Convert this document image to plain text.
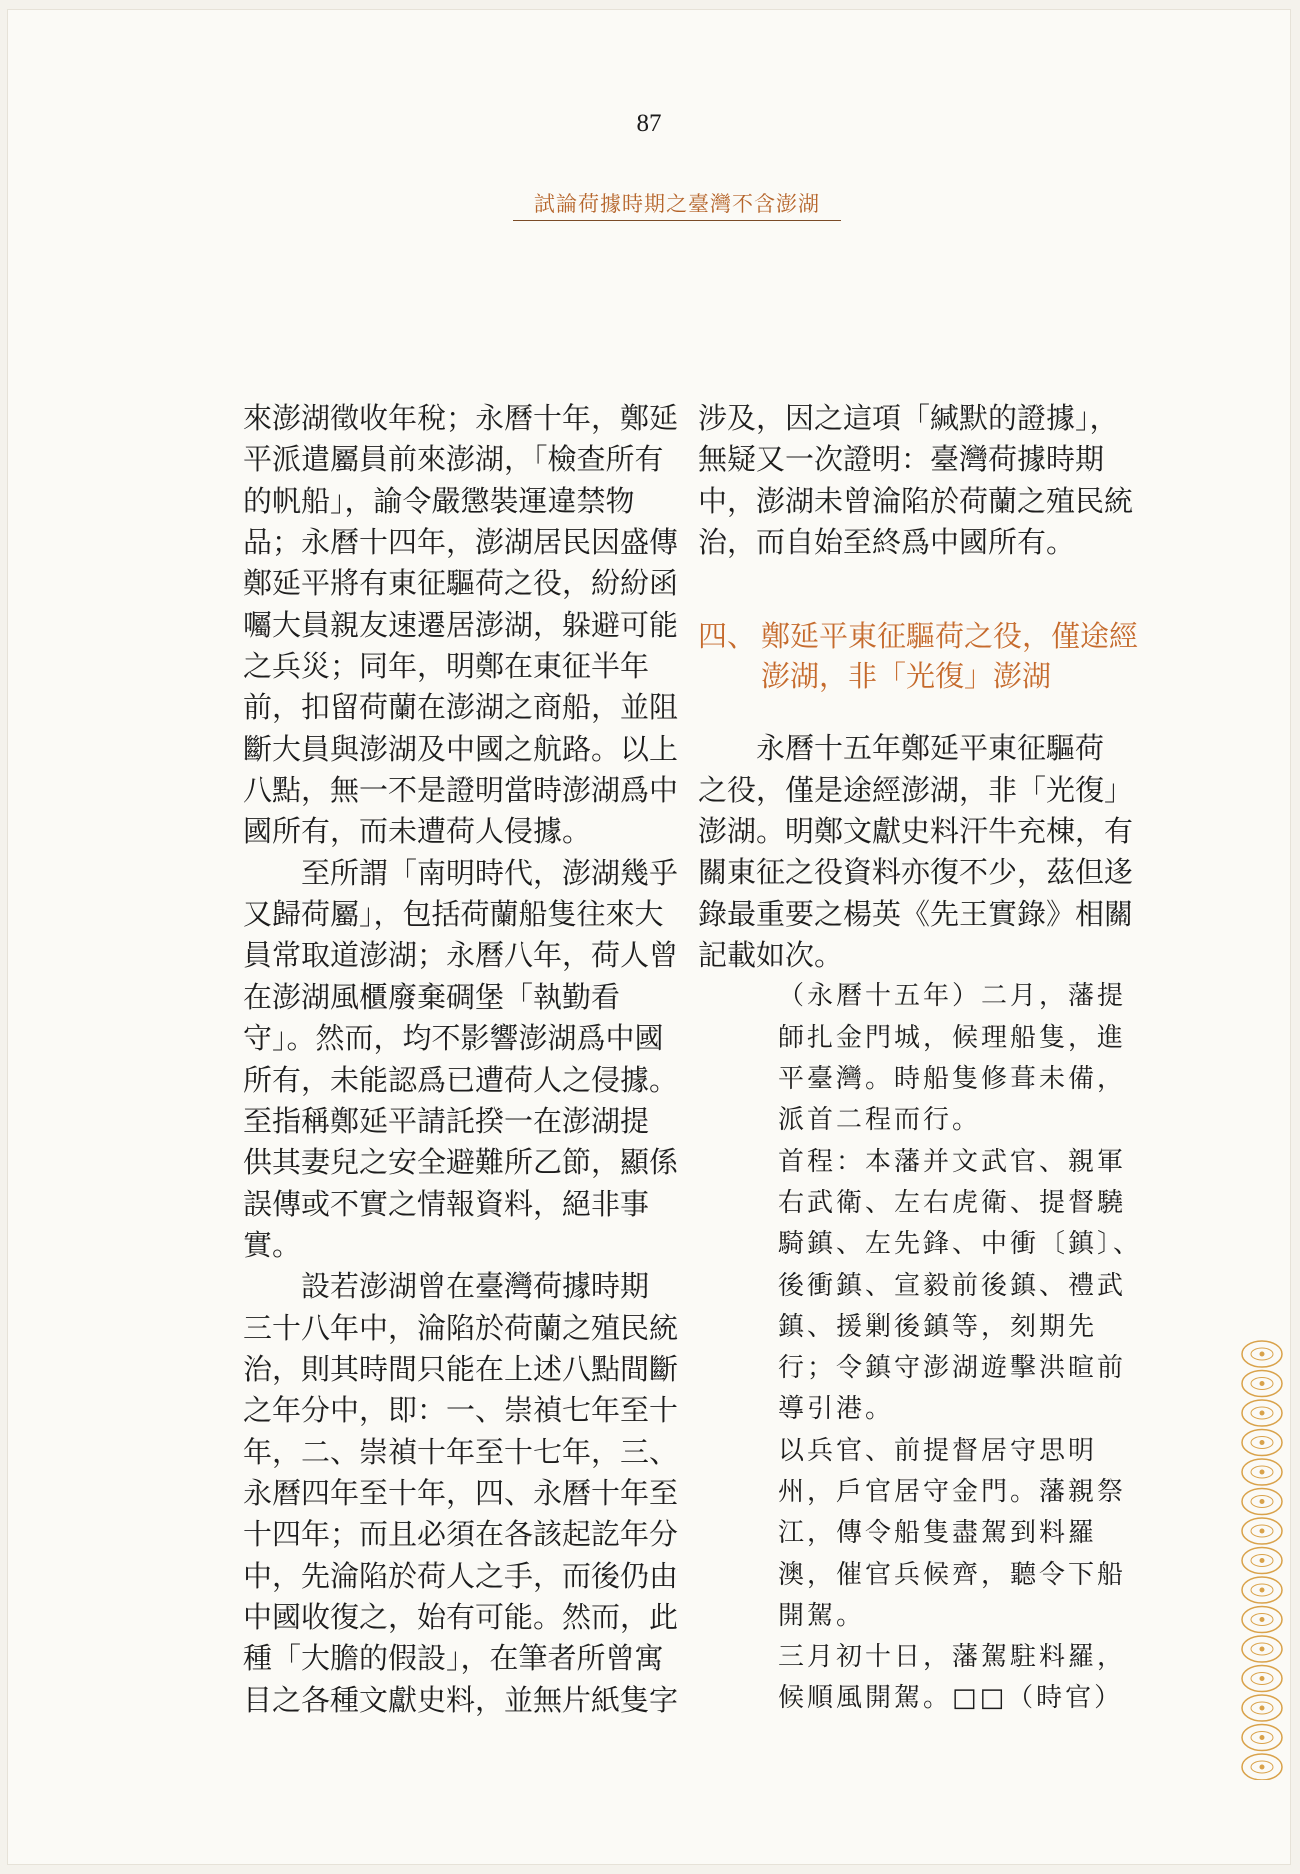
87
試論荷據時期之臺灣不含澎湖

來澎湖徵收年稅；永曆十年，鄭延
平派遣屬員前來澎湖，「檢查所有
的帆船」，諭令嚴懲裝運違禁物
品；永曆十四年，澎湖居民因盛傳
鄭延平將有東征驅荷之役，紛紛函
囑大員親友速遷居澎湖，躲避可能
之兵災；同年，明鄭在東征半年
前，扣留荷蘭在澎湖之商船，並阻
斷大員與澎湖及中國之航路。以上
八點，無一不是證明當時澎湖爲中
國所有，而未遭荷人侵據。

　　至所謂「南明時代，澎湖幾乎
又歸荷屬」，包括荷蘭船隻往來大
員常取道澎湖；永曆八年，荷人曾
在澎湖風櫃廢棄碉堡「執勤看
守」。然而，均不影響澎湖爲中國
所有，未能認爲已遭荷人之侵據。
至指稱鄭延平請託揆一在澎湖提
供其妻兒之安全避難所乙節，顯係
誤傳或不實之情報資料，絕非事
實。

　　設若澎湖曾在臺灣荷據時期
三十八年中，淪陷於荷蘭之殖民統
治，則其時間只能在上述八點間斷
之年分中，即：一、崇禎七年至十
年，二、崇禎十年至十七年，三、
永曆四年至十年，四、永曆十年至
十四年；而且必須在各該起訖年分
中，先淪陷於荷人之手，而後仍由
中國收復之，始有可能。然而，此
種「大膽的假設」，在筆者所曾寓
目之各種文獻史料，並無片紙隻字

涉及，因之這項「緘默的證據」，
無疑又一次證明：臺灣荷據時期
中，澎湖未曾淪陷於荷蘭之殖民統
治，而自始至終爲中國所有。

四、 鄭延平東征驅荷之役，僅途經
澎湖，非「光復」澎湖

　　永曆十五年鄭延平東征驅荷
之役，僅是途經澎湖，非「光復」
澎湖。明鄭文獻史料汗牛充棟，有
關東征之役資料亦復不少，茲但迻
錄最重要之楊英《先王實錄》相關
記載如次。

（永曆十五年）二月，藩提
師扎金門城，候理船隻，進
平臺灣。時船隻修葺未備，
派首二程而行。
首程：本藩并文武官、親軍
右武衛、左右虎衛、提督驍
騎鎮、左先鋒、中衝〔鎮〕、
後衝鎮、宣毅前後鎮、禮武
鎮、援剿後鎮等，刻期先
行；令鎮守澎湖遊擊洪暄前
導引港。
以兵官、前提督居守思明
州，戶官居守金門。藩親祭
江，傳令船隻盡駕到料羅
澳，催官兵候齊，聽令下船
開駕。
三月初十日，藩駕駐料羅，
候順風開駕。□□（時官）
